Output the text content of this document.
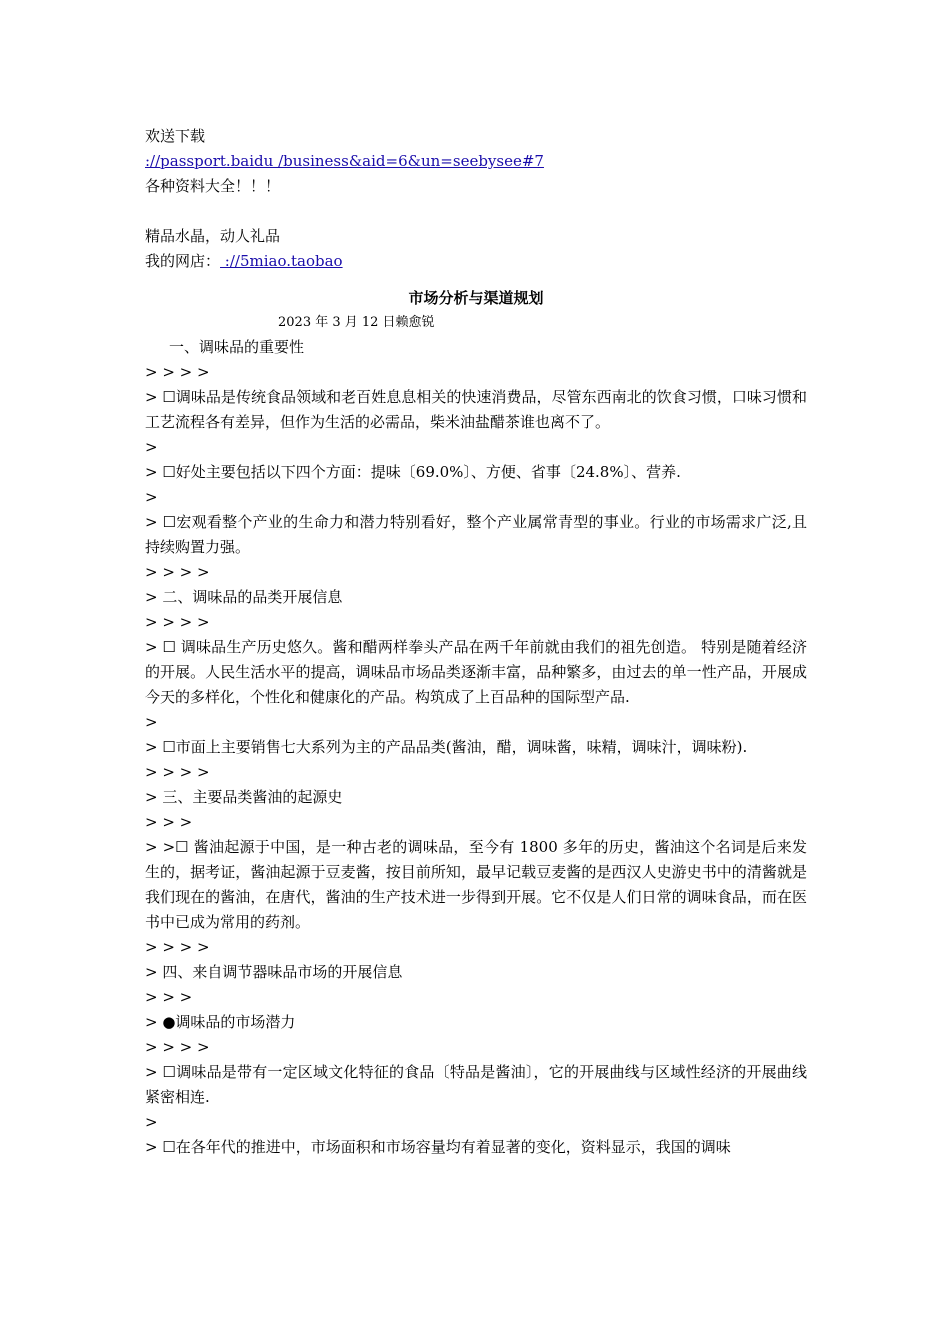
欢送下载
://passport.baidu /business&aid=6&un=seebysee#7
各种资料大全！！！
精品水晶，动人礼品
我的网店： ://5miao.taobao
市场分析与渠道规划
2023 年 3 月 12 日赖愈锐
一、调味品的重要性
> > > >
> ☐调味品是传统食品领域和老百姓息息相关的快速消费品，尽管东西南北的饮食习惯，口味习惯和工艺流程各有差异，但作为生活的必需品，柴米油盐醋茶谁也离不了。
>
> ☐好处主要包括以下四个方面：提味〔69.0%〕、方便、省事〔24.8%〕、营养.
>
> ☐宏观看整个产业的生命力和潜力特别看好，整个产业属常青型的事业。行业的市场需求广泛,且持续购置力强。
> > > >
> 二、调味品的品类开展信息
> > > >
> ☐ 调味品生产历史悠久。酱和醋两样拳头产品在两千年前就由我们的祖先创造。 特别是随着经济的开展。人民生活水平的提高，调味品市场品类逐渐丰富，品种繁多，由过去的单一性产品，开展成今天的多样化，个性化和健康化的产品。构筑成了上百品种的国际型产品.
>
> ☐市面上主要销售七大系列为主的产品品类(酱油，醋，调味酱，味精，调味汁，调味粉).
> > > >
> 三、主要品类酱油的起源史
> > >
> >☐ 酱油起源于中国，是一种古老的调味品，至今有 1800 多年的历史，酱油这个名词是后来发生的，据考证，酱油起源于豆麦酱，按目前所知，最早记载豆麦酱的是西汉人史游史书中的清酱就是我们现在的酱油，在唐代，酱油的生产技术进一步得到开展。它不仅是人们日常的调味食品，而在医书中已成为常用的药剂。
> > > >
> 四、来自调节器味品市场的开展信息
> > >
> ●调味品的市场潜力
> > > >
> ☐调味品是带有一定区域文化特征的食品〔特品是酱油〕，它的开展曲线与区域性经济的开展曲线紧密相连.
>
> ☐在各年代的推进中，市场面积和市场容量均有着显著的变化，资料显示，我国的调味
